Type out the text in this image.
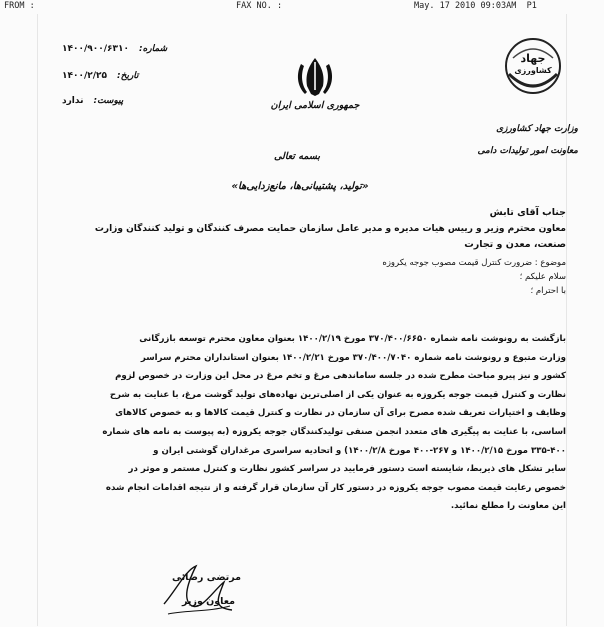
FROM :	FAX NO. :	May. 17 2010 09:03AM  P1
جهاد
کشاورزی
وزارت جهاد کشاورزی
معاونت امور تولیدات دامی
جمهوری اسلامی ایران
شماره:
۱۴۰۰/۹۰۰/۶۳۱۰
تاریخ:
۱۴۰۰/۲/۲۵
پیوست:
ندارد
بسمه تعالی
«تولید، پشتیبانی‌ها، مانع‌زدایی‌ها»
جناب آقای تابش
معاون محترم وزیر و رییس هیات مدیره و مدیر عامل سازمان حمایت مصرف کنندگان و تولید کنندگان وزارت
صنعت، معدن و تجارت
موضوع : ضرورت کنترل قیمت مصوب جوجه یکروزه
سلام علیکم ؛
با احترام ؛
بازگشت به رونوشت نامه شماره ۳۷۰/۴۰۰/۶۶۵۰ مورخ ۱۴۰۰/۲/۱۹ بعنوان معاون محترم توسعه بازرگانی
وزارت متبوع و رونوشت نامه شماره ۳۷۰/۴۰۰/۷۰۴۰ مورخ ۱۴۰۰/۲/۲۱ بعنوان استانداران محترم سراسر
کشور و نیز پیرو مباحث مطرح شده در جلسه ساماندهی مرغ و تخم مرغ در محل این وزارت در خصوص لزوم
نظارت و کنترل قیمت جوجه یکروزه به عنوان یکی از اصلی‌ترین نهاده‌های تولید گوشت مرغ، با عنایت به شرح
وظایف و اختیارات تعریف شده مصرح برای آن سازمان در نظارت و کنترل قیمت کالاها و به خصوص کالاهای
اساسی، با عنایت به پیگیری های متعدد انجمن صنفی تولیدکنندگان جوجه یکروزه (به پیوست به نامه های شماره
۳۳۵-۴۰۰ مورخ ۱۴۰۰/۲/۱۵ و ۲۶۷-۴۰۰ مورخ ۱۴۰۰/۲/۸) و اتحادیه سراسری مرغداران گوشتی ایران و
سایر تشکل های ذیربط، شایسته است دستور فرمایید در سراسر کشور نظارت و کنترل مستمر و موثر در
خصوص رعایت قیمت مصوب جوجه یکروزه در دستور کار آن سازمان قرار گرفته و از نتیجه اقدامات انجام شده
این معاونت را مطلع نمائید.
مرتضی رضائی
معاون وزیر
